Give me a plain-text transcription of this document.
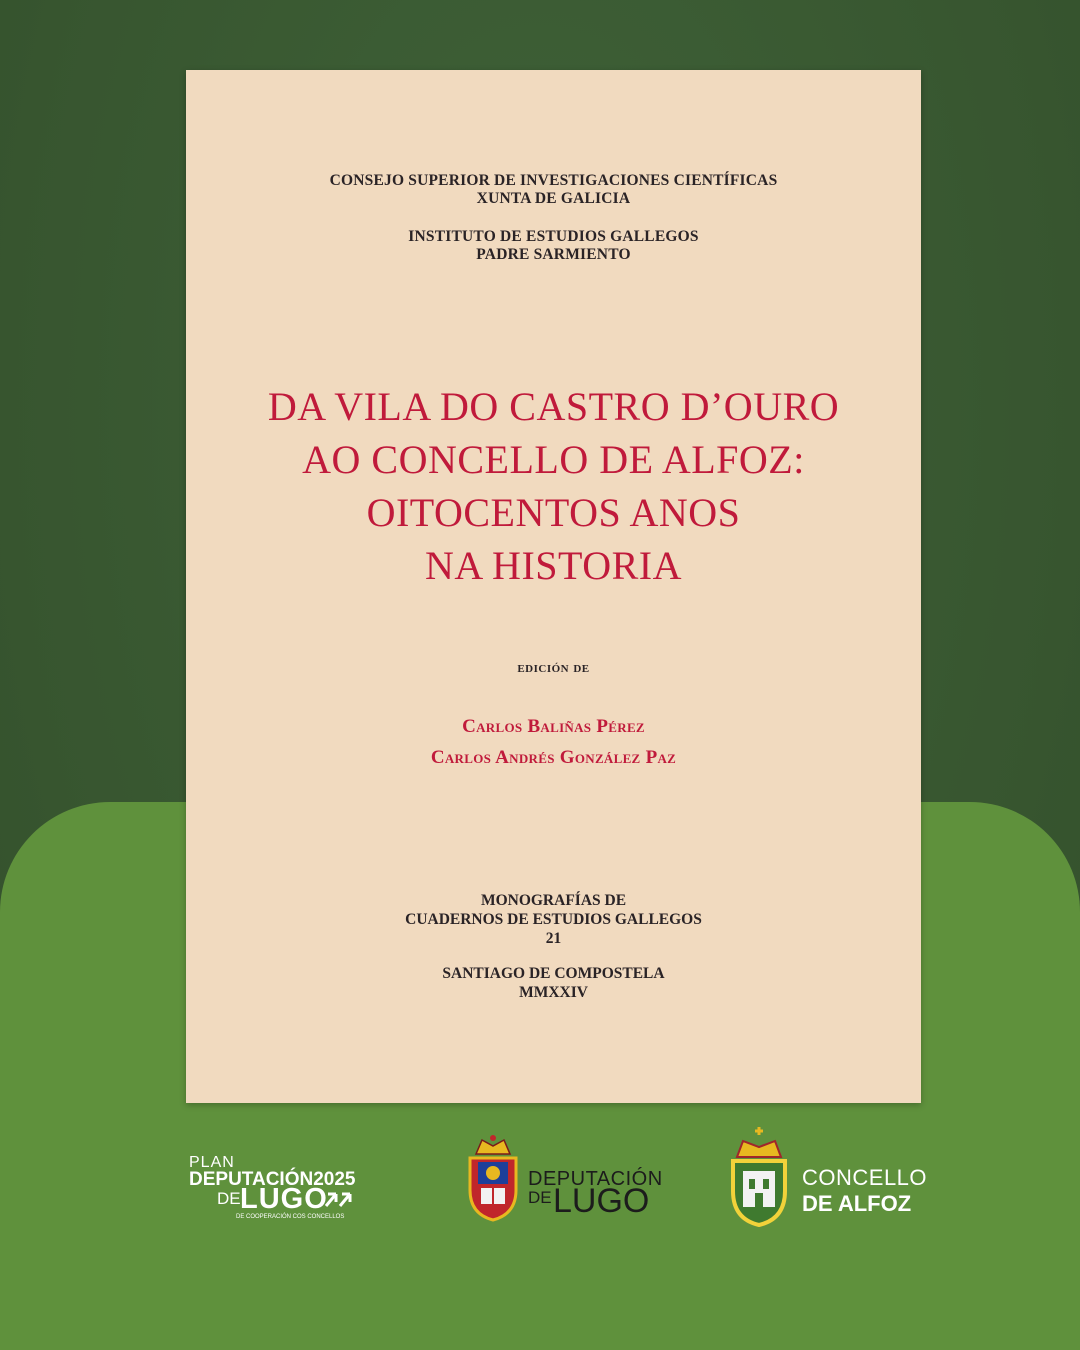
CONSEJO SUPERIOR DE INVESTIGACIONES CIENTÍFICAS
XUNTA DE GALICIA
INSTITUTO DE ESTUDIOS GALLEGOS
PADRE SARMIENTO
DA VILA DO CASTRO D’OURO
AO CONCELLO DE ALFOZ:
OITOCENTOS ANOS
NA HISTORIA
edición de
Carlos Baliñas Pérez
Carlos Andrés González Paz
MONOGRAFÍAS DE
CUADERNOS DE ESTUDIOS GALLEGOS
21
SANTIAGO DE COMPOSTELA
MMXXIV
PLAN
DEPUTACIÓN2025
DE LUGO
DE COOPERACIÓN COS CONCELLOS
DEPUTACIÓN
DE LUGO
CONCELLO
DE ALFOZ
